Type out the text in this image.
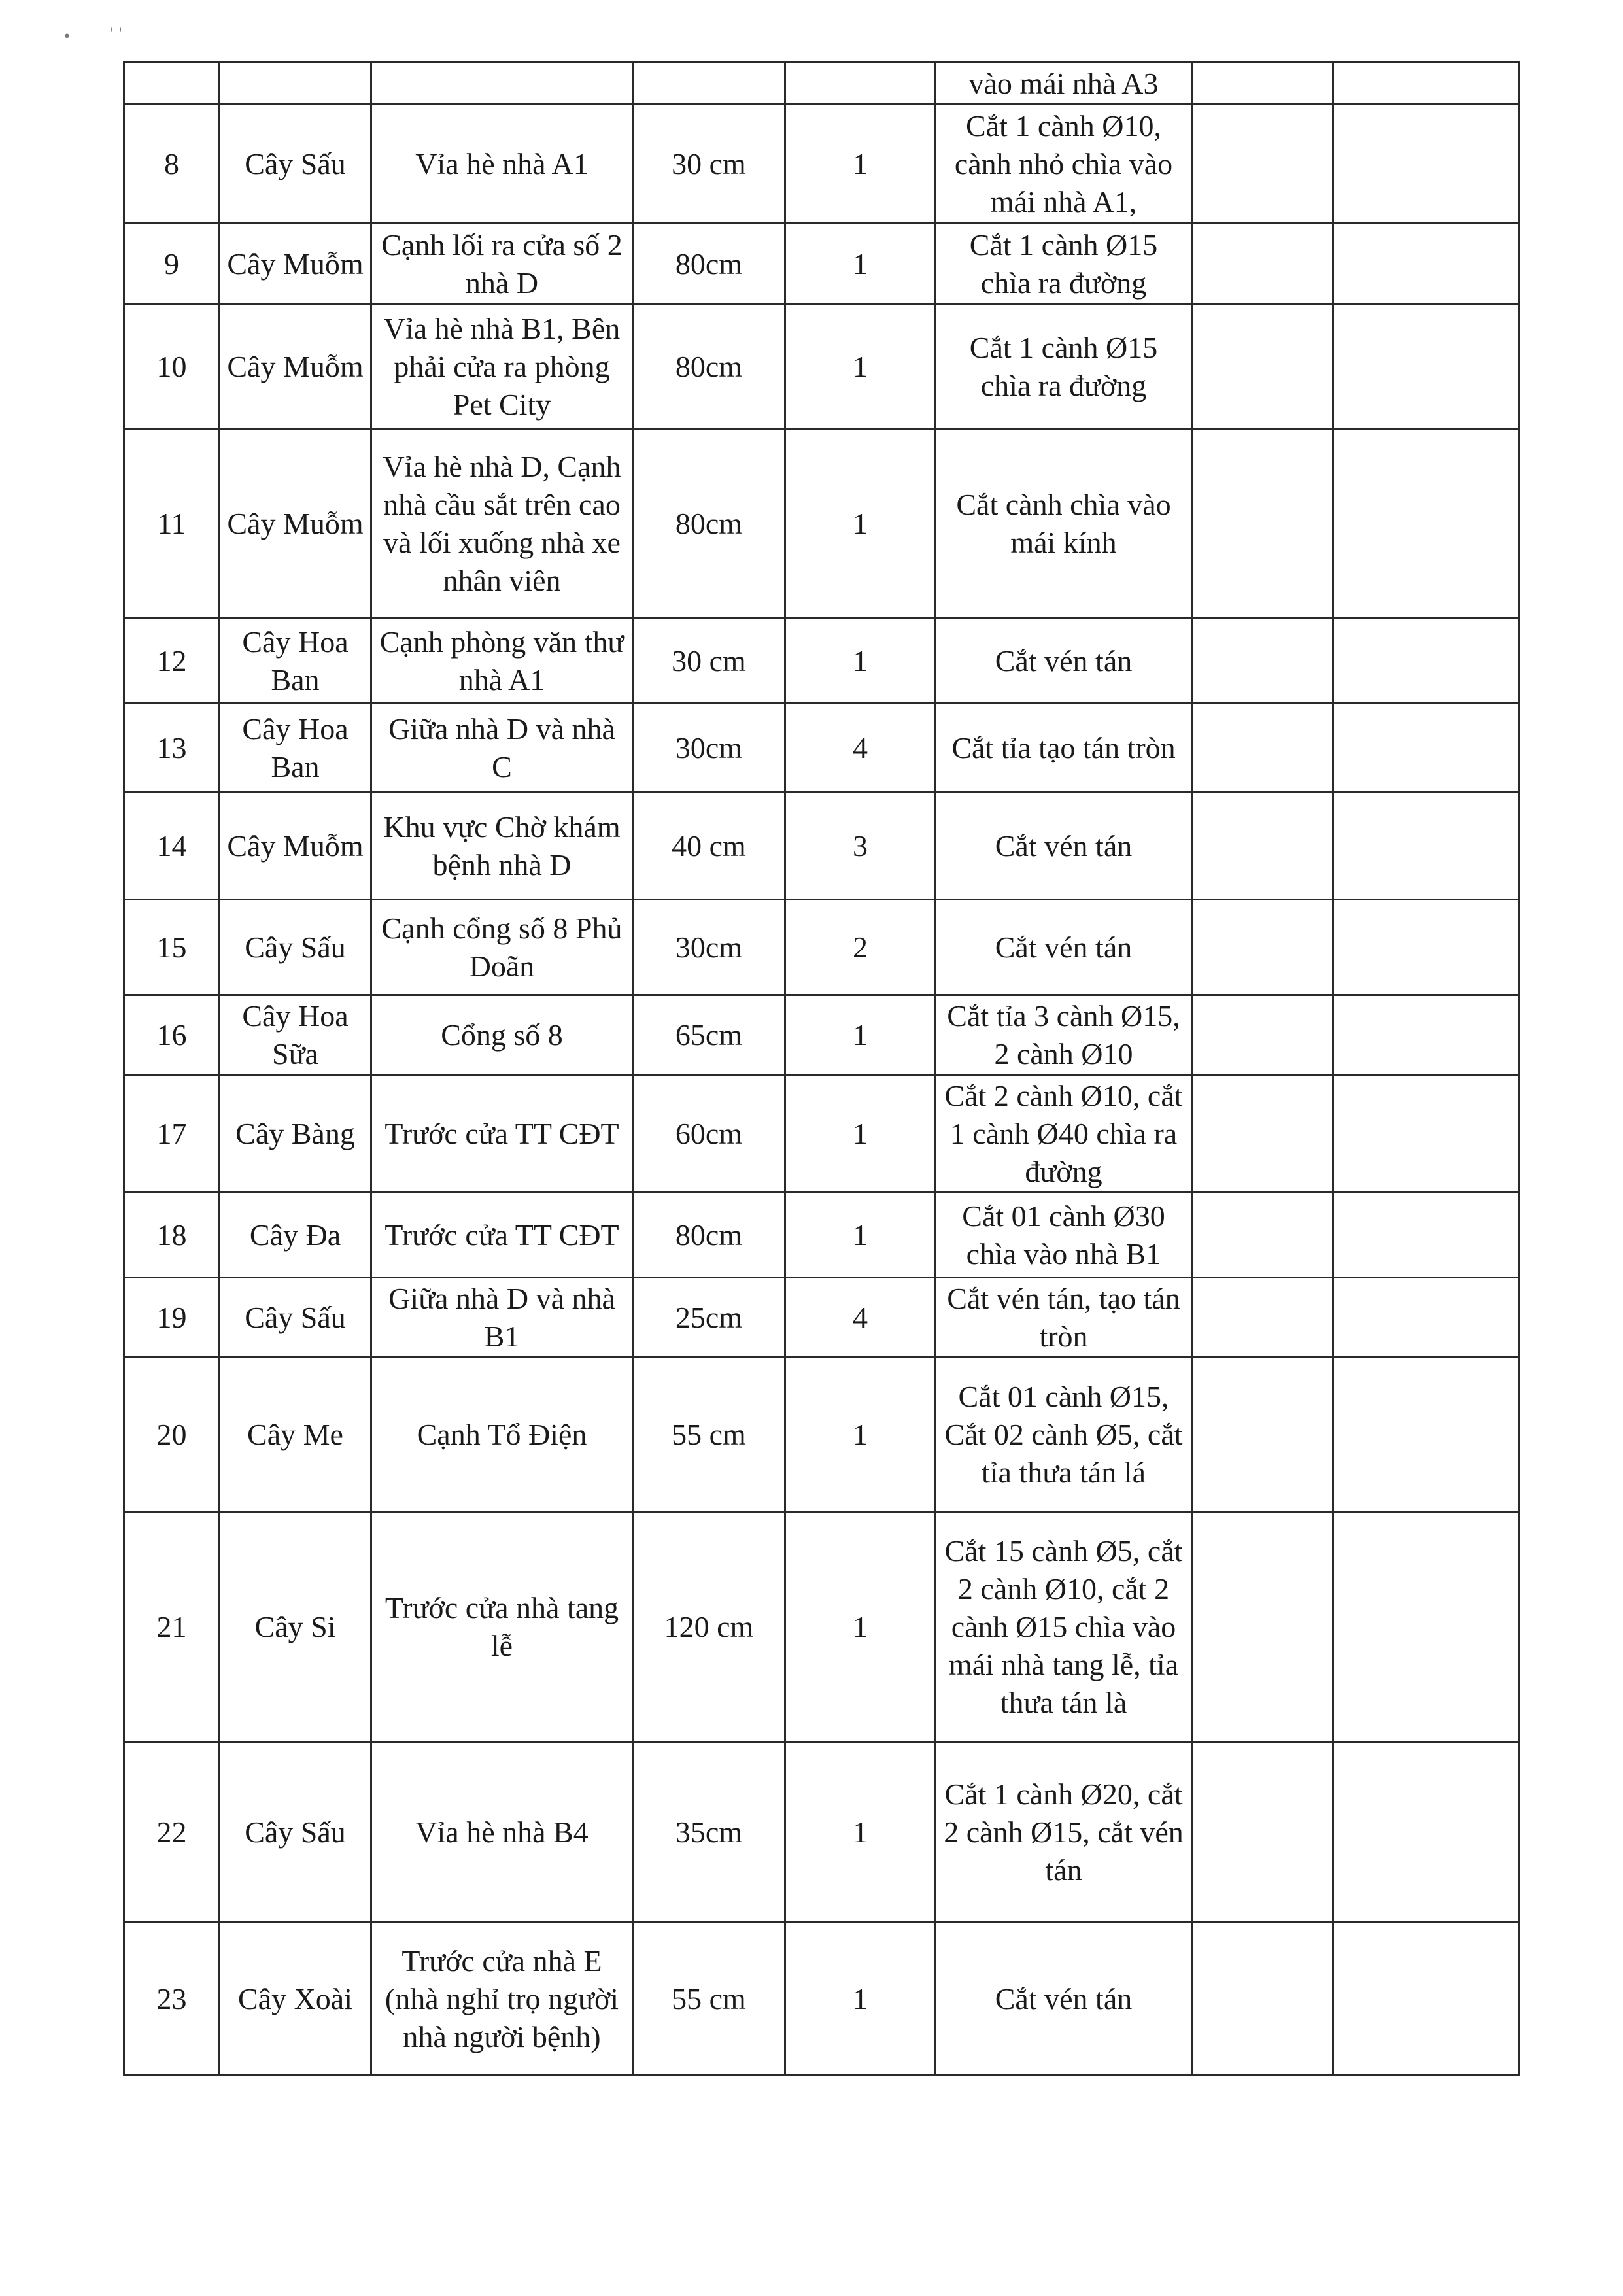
•	' '
					vào mái nhà A3		
8	Cây Sấu	Vỉa hè nhà A1	30 cm	1	Cắt 1 cành Ø10, cành nhỏ chìa vào mái nhà A1,		
9	Cây Muỗm	Cạnh lối ra cửa số 2 nhà D	80cm	1	Cắt 1 cành Ø15 chìa ra đường		
10	Cây Muỗm	Vỉa hè nhà B1, Bên phải cửa ra phòng Pet City	80cm	1	Cắt 1 cành Ø15 chìa ra đường		
11	Cây Muỗm	Vỉa hè nhà D, Cạnh nhà cầu sắt trên cao và lối xuống nhà xe nhân viên	80cm	1	Cắt cành chìa vào mái kính		
12	Cây Hoa Ban	Cạnh phòng văn thư nhà A1	30 cm	1	Cắt vén tán		
13	Cây Hoa Ban	Giữa nhà D và nhà C	30cm	4	Cắt tỉa tạo tán tròn		
14	Cây Muỗm	Khu vực Chờ khám bệnh nhà D	40 cm	3	Cắt vén tán		
15	Cây Sấu	Cạnh cổng số 8 Phủ Doãn	30cm	2	Cắt vén tán		
16	Cây Hoa Sữa	Cổng số 8	65cm	1	Cắt tỉa 3 cành Ø15, 2 cành Ø10		
17	Cây Bàng	Trước cửa TT CĐT	60cm	1	Cắt 2 cành Ø10, cắt 1 cành Ø40 chìa ra đường		
18	Cây Đa	Trước cửa TT CĐT	80cm	1	Cắt 01 cành Ø30 chìa vào nhà B1		
19	Cây Sấu	Giữa nhà D và nhà B1	25cm	4	Cắt vén tán, tạo tán tròn		
20	Cây Me	Cạnh Tổ Điện	55 cm	1	Cắt 01 cành Ø15, Cắt 02 cành Ø5, cắt tỉa thưa tán lá		
21	Cây Si	Trước cửa nhà tang lễ	120 cm	1	Cắt 15 cành Ø5, cắt 2 cành Ø10, cắt 2 cành Ø15 chìa vào mái nhà tang lễ, tỉa thưa tán là		
22	Cây Sấu	Vỉa hè nhà B4	35cm	1	Cắt 1 cành Ø20, cắt 2 cành Ø15, cắt vén tán		
23	Cây Xoài	Trước cửa nhà E (nhà nghỉ trọ người nhà người bệnh)	55 cm	1	Cắt vén tán		
